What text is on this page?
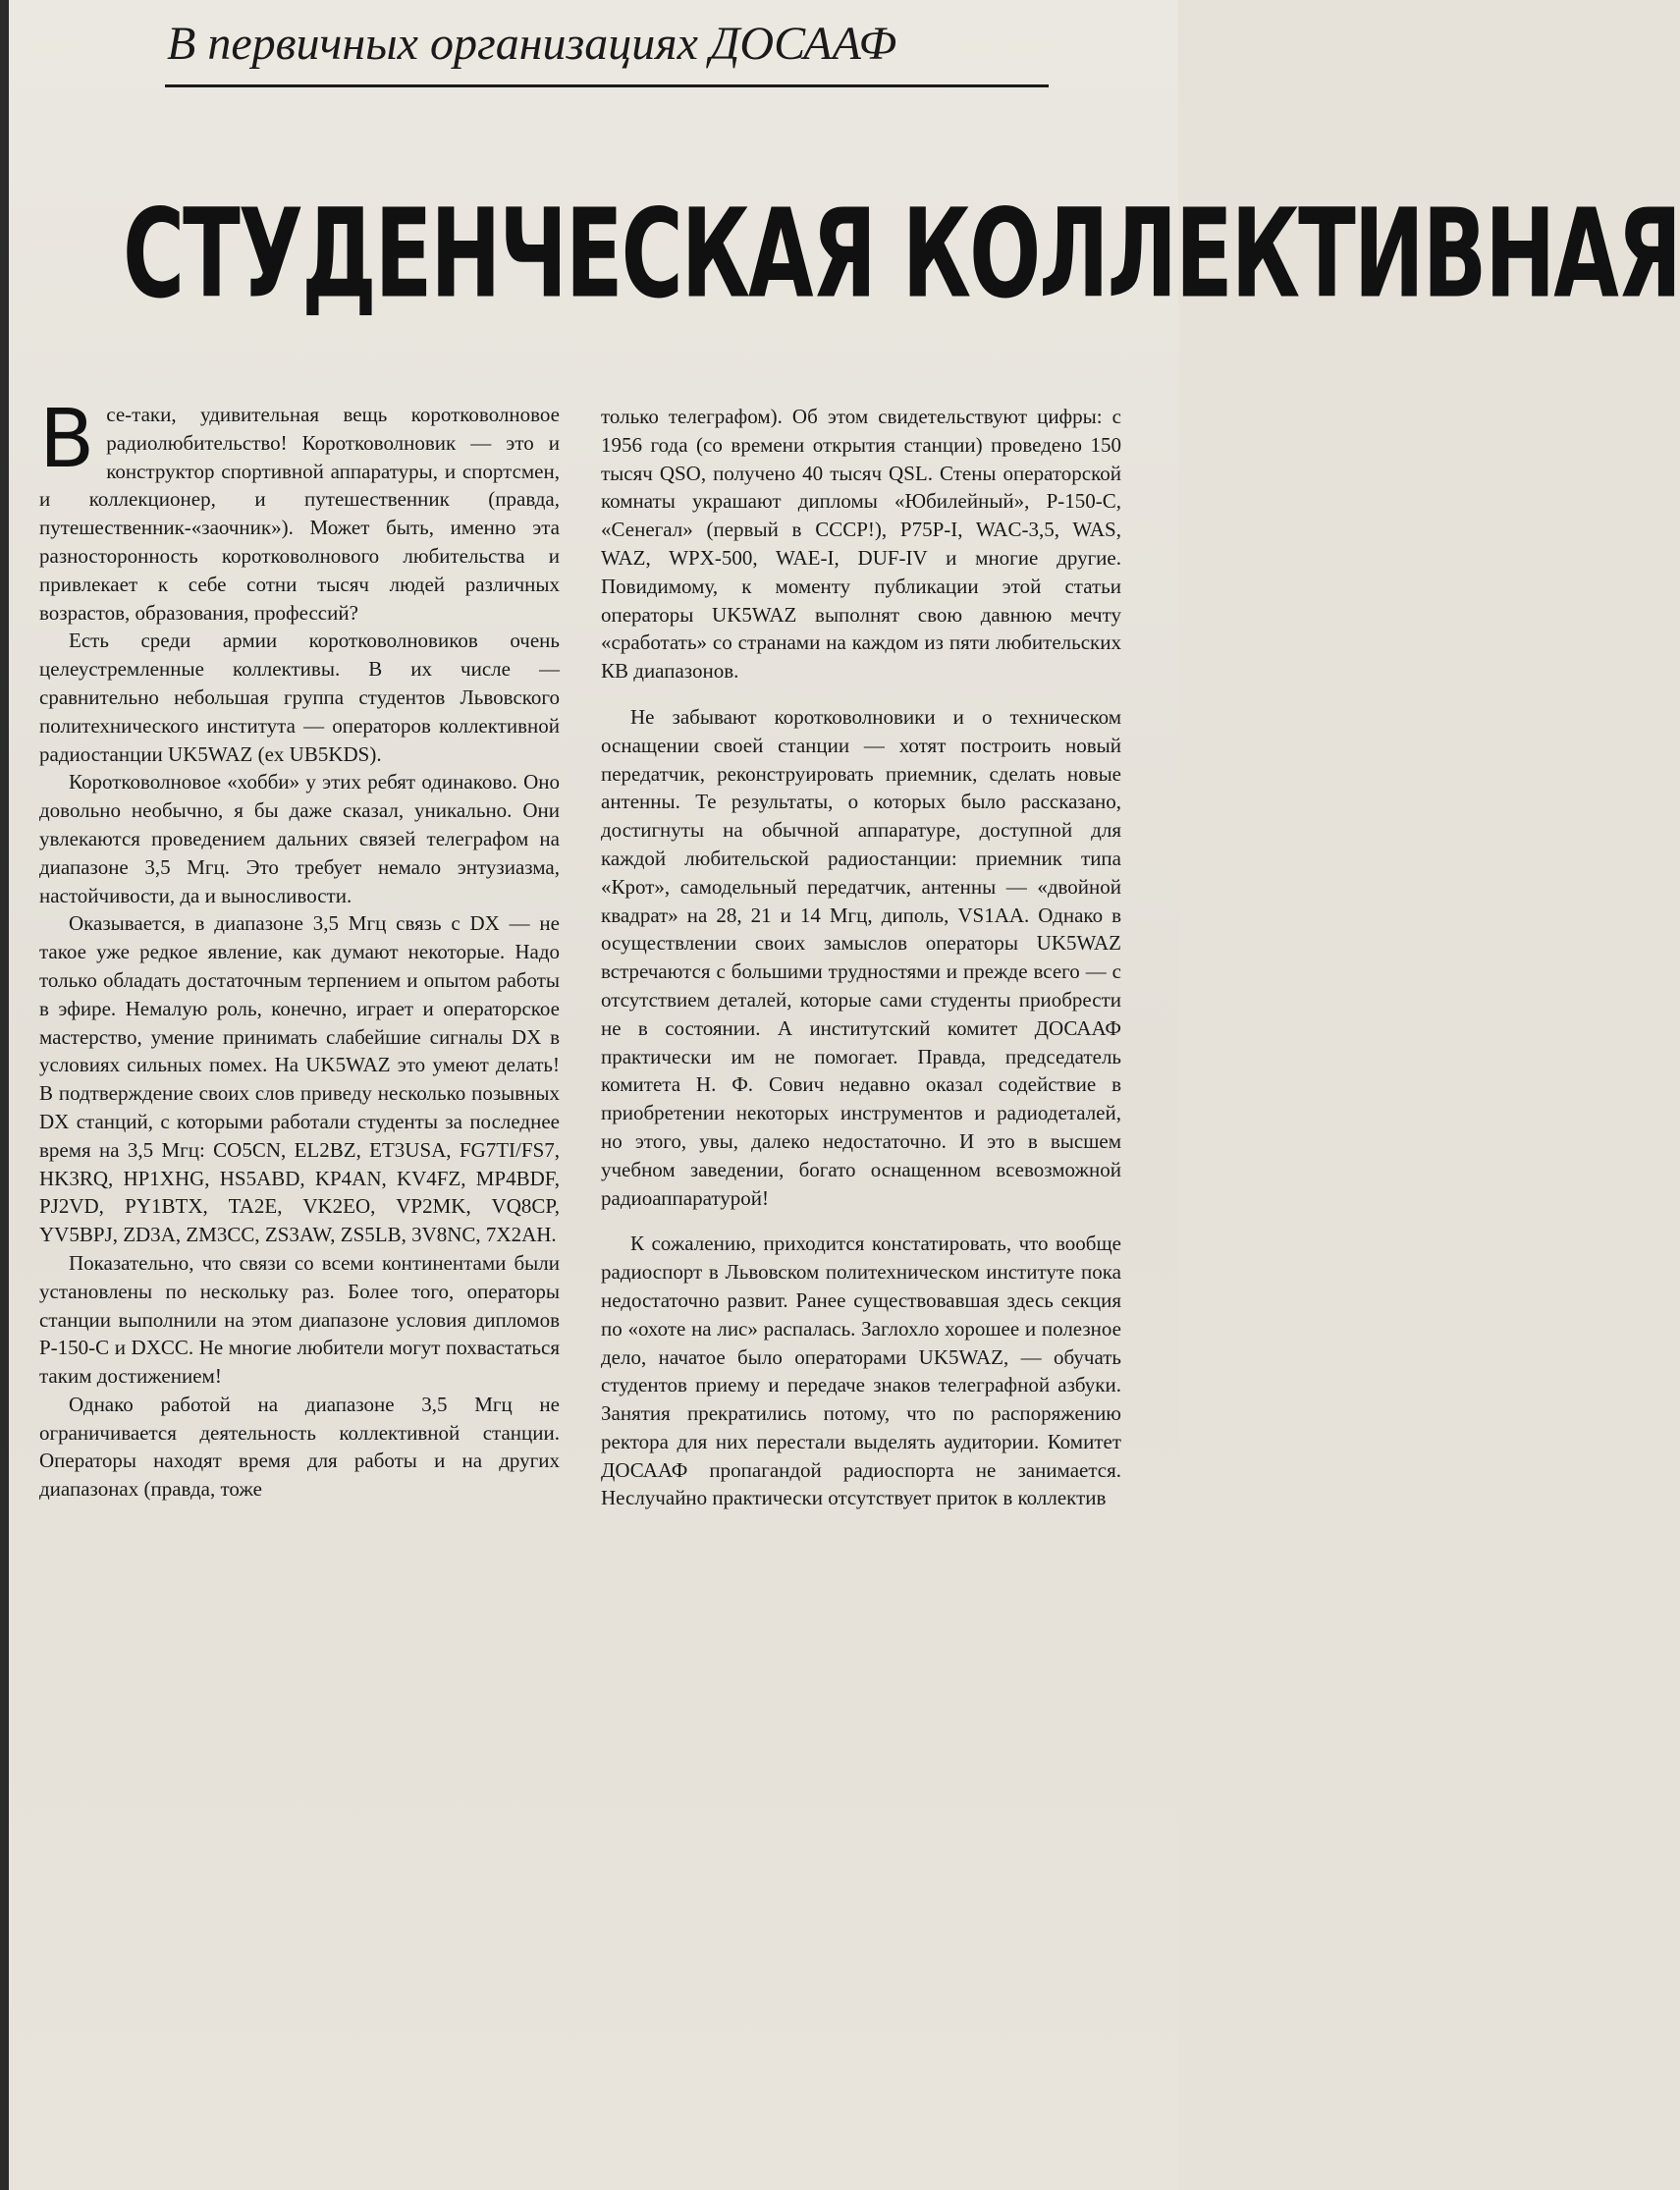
В первичных организациях ДОСААФ
СТУДЕНЧЕСКАЯ КОЛЛЕКТИВНАЯ

Все-таки, удивительная вещь коротковолновое радиолюбительство! Коротковолновик — это и конструктор спортивной аппаратуры, и спортсмен, и коллекционер, и путешественник (правда, путешественник-«заочник»). Может быть, именно эта разносторонность коротковолнового любительства и привлекает к себе сотни тысяч людей различных возрастов, образования, профессий?

Есть среди армии коротковолновиков очень целеустремленные коллективы. В их числе — сравнительно небольшая группа студентов Львовского политехнического института — операторов коллективной радиостанции UK5WAZ (ex UB5KDS).

Коротковолновое «хобби» у этих ребят одинаково. Оно довольно необычно, я бы даже сказал, уникально. Они увлекаются проведением дальних связей телеграфом на диапазоне 3,5 Мгц. Это требует немало энтузиазма, настойчивости, да и выносливости.

Оказывается, в диапазоне 3,5 Мгц связь с DX — не такое уже редкое явление, как думают некоторые. Надо только обладать достаточным терпением и опытом работы в эфире. Немалую роль, конечно, играет и операторское мастерство, умение принимать слабейшие сигналы DX в условиях сильных помех. На UK5WAZ это умеют делать! В подтверждение своих слов приведу несколько позывных DX станций, с которыми работали студенты за последнее время на 3,5 Мгц: CO5CN, EL2BZ, ET3USA, FG7TI/FS7, HK3RQ, HP1XHG, HS5ABD, KP4AN, KV4FZ, MP4BDF, PJ2VD, PY1BTX, TA2E, VK2EO, VP2MK, VQ8CP, YV5BPJ, ZD3A, ZM3CC, ZS3AW, ZS5LB, 3V8NC, 7X2AH.

Показательно, что связи со всеми континентами были установлены по нескольку раз. Более того, операторы станции выполнили на этом диапазоне условия дипломов Р-150-С и DXCC. Не многие любители могут похвастаться таким достижением!

Однако работой на диапазоне 3,5 Мгц не ограничивается деятельность коллективной станции. Операторы находят время для работы и на других диапазонах (правда, тоже

только телеграфом). Об этом свидетельствуют цифры: с 1956 года (со времени открытия станции) проведено 150 тысяч QSO, получено 40 тысяч QSL. Стены операторской комнаты украшают дипломы «Юбилейный», Р-150-С, «Сенегал» (первый в СССР!), Р75Р-I, WAC-3,5, WAS, WAZ, WPX-500, WAE-I, DUF-IV и многие другие. Повидимому, к моменту публикации этой статьи операторы UK5WAZ выполнят свою давнюю мечту «сработать» со странами на каждом из пяти любительских КВ диапазонов.

Не забывают коротковолновики и о техническом оснащении своей станции — хотят построить новый передатчик, реконструировать приемник, сделать новые антенны. Те результаты, о которых было рассказано, достигнуты на обычной аппаратуре, доступной для каждой любительской радиостанции: приемник типа «Крот», самодельный передатчик, антенны — «двойной квадрат» на 28, 21 и 14 Мгц, диполь, VS1AA. Однако в осуществлении своих замыслов операторы UK5WAZ встречаются с большими трудностями и прежде всего — с отсутствием деталей, которые сами студенты приобрести не в состоянии. А институтский комитет ДОСААФ практически им не помогает. Правда, председатель комитета Н. Ф. Сович недавно оказал содействие в приобретении некоторых инструментов и радиодеталей, но этого, увы, далеко недостаточно. И это в высшем учебном заведении, богато оснащенном всевозможной радиоаппаратурой!

К сожалению, приходится констатировать, что вообще радиоспорт в Львовском политехническом институте пока недостаточно развит. Ранее существовавшая здесь секция по «охоте на лис» распалась. Заглохло хорошее и полезное дело, начатое было операторами UK5WAZ, — обучать студентов приему и передаче знаков телеграфной азбуки. Занятия прекратились потому, что по распоряжению ректора для них перестали выделять аудитории. Комитет ДОСААФ пропагандой радиоспорта не занимается. Неслучайно практически отсутствует приток в коллектив
